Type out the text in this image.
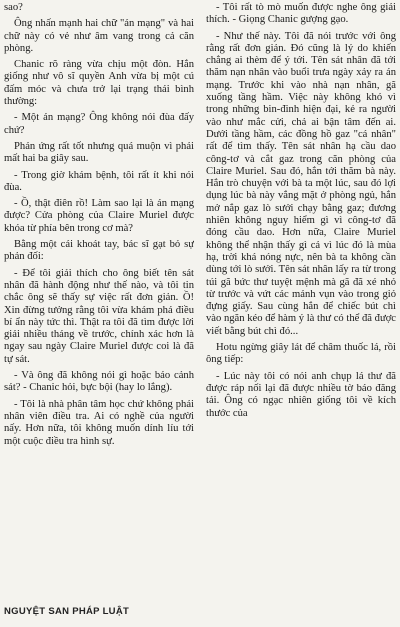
sao?

Ông nhấn mạnh hai chữ "án mạng" và hai chữ này có vẻ như âm vang trong cả căn phòng.

Chanic rõ ràng vừa chịu một đòn. Hắn giống như vô sĩ quyền Anh vừa bị một cú đấm móc và chưa trở lại trạng thái bình thường:

- Một án mạng? Ông không nói đùa đấy chứ?

Phản ứng rất tốt nhưng quá muộn vì phải mất hai ba giây sau.

- Trong giờ khám bệnh, tôi rất ít khi nói đùa.

- Ồ, thật điên rồ! Làm sao lại là án mạng được? Cửa phòng của Claire Muriel được khóa từ phía bên trong cơ mà?

Bằng một cái khoát tay, bác sĩ gạt bỏ sự phản đối:

- Để tôi giải thích cho ông biết tên sát nhân đã hành động như thế nào, và tôi tin chắc ông sẽ thấy sự việc rất đơn giản. Ồ! Xin đừng tưởng rằng tôi vừa khám phá điều bí ẩn này tức thì. Thật ra tôi đã tìm được lời giải nhiều tháng về trước, chính xác hơn là ngay sau ngày Claire Muriel được coi là đã tự sát.

- Và ông đã không nói gì hoặc báo cảnh sát? - Chanic hỏi, bực bội (hay lo lắng).

- Tôi là nhà phân tâm học chứ không phải nhân viên điều tra. Ai có nghề của người nấy. Hơn nữa, tôi không muốn dính líu tới một cuộc điều tra hình sự.

- Tôi rất tò mò muốn được nghe ông giải thích. - Giọng Chanic gượng gạo.

- Như thế này. Tôi đã nói trước với ông rằng rất đơn giản. Đó cũng là lý do khiến chẳng ai thèm để ý tới. Tên sát nhân đã tới thăm nạn nhân vào buổi trưa ngày xảy ra án mạng. Trước khi vào nhà nạn nhân, gã xuống tầng hầm. Việc này không khó vì trong những bin-đinh hiện đại, kẻ ra người vào như mắc cửi, chả ai bận tâm đến ai. Dưới tầng hầm, các đồng hồ gaz "cá nhân" rất để tìm thấy. Tên sát nhân hạ cầu dao công-tơ và cắt gaz trong căn phòng của Claire Muriel. Sau đó, hắn tới thăm bà này. Hắn trò chuyện với bà ta một lúc, sau đó lợi dụng lúc bà này vắng mặt ở phòng ngủ, hắn mở nắp gaz lò sưởi chạy bằng gaz; đương nhiên không nguy hiểm gì vì công-tơ đã đóng cầu dao. Hơn nữa, Claire Muriel không thể nhận thấy gì cả vì lúc đó là mùa hạ, trời khá nóng nực, nên bà ta không cần dùng tới lò sưởi. Tên sát nhân lấy ra từ trong túi gã bức thư tuyệt mệnh mà gã đã xé nhỏ từ trước và vứt các mảnh vụn vào trong giỏ đựng giấy. Sau cùng hắn để chiếc bút chì vào ngăn kéo để hàm ý là thư có thể đã được viết bằng bút chì đó...

Hotu ngừng giây lát để châm thuốc lá, rồi ông tiếp:

- Lúc này tôi có nói anh chụp lá thư đã được ráp nối lại đã được nhiều tờ báo đăng tải. Ông có ngạc nhiên giống tôi về kích thước của

NGUYỆT SAN PHÁP LUẬT
